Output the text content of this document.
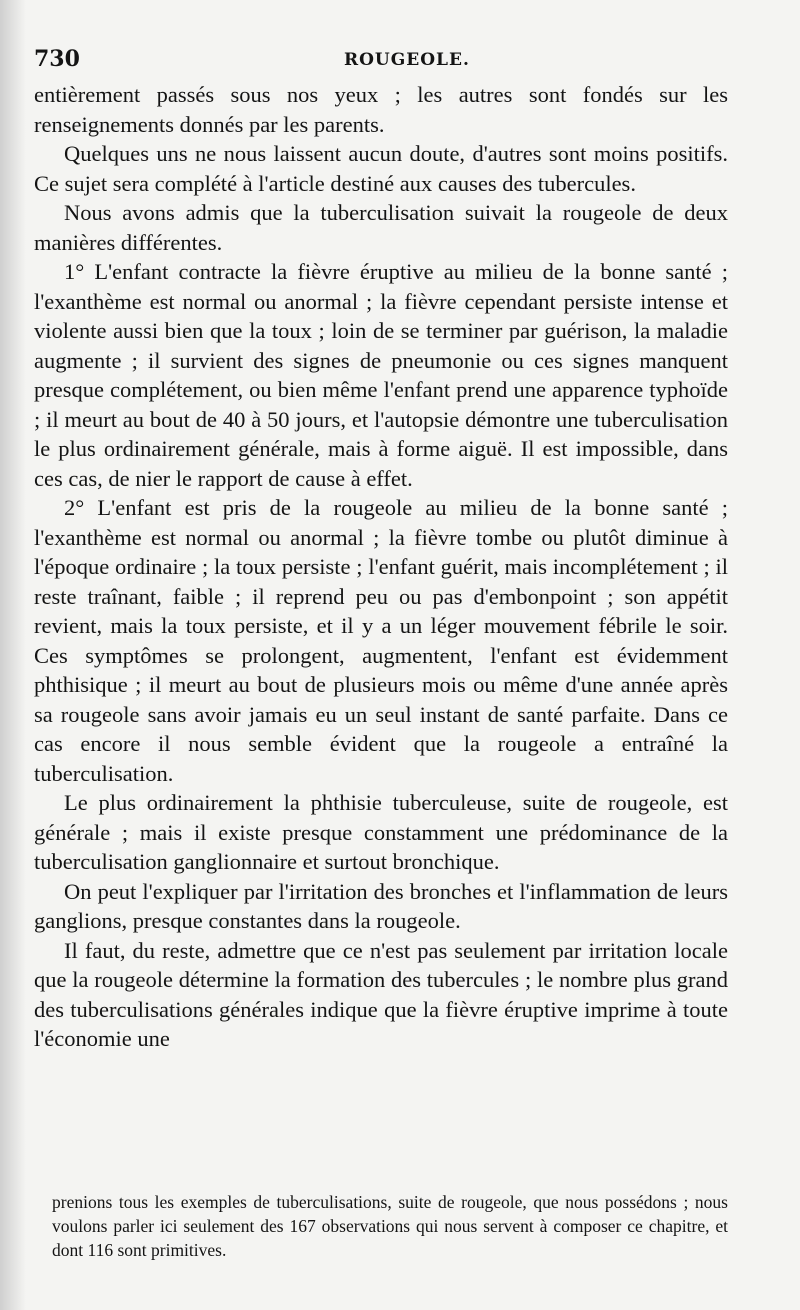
730	ROUGEOLE.

entièrement passés sous nos yeux ; les autres sont fondés sur les renseignements donnés par les parents.

Quelques uns ne nous laissent aucun doute, d'autres sont moins positifs. Ce sujet sera complété à l'article destiné aux causes des tubercules.

Nous avons admis que la tuberculisation suivait la rougeole de deux manières différentes.

1° L'enfant contracte la fièvre éruptive au milieu de la bonne santé ; l'exanthème est normal ou anormal ; la fièvre cependant persiste intense et violente aussi bien que la toux ; loin de se terminer par guérison, la maladie augmente ; il survient des signes de pneumonie ou ces signes manquent presque complétement, ou bien même l'enfant prend une apparence typhoïde ; il meurt au bout de 40 à 50 jours, et l'autopsie démontre une tuberculisation le plus ordinairement générale, mais à forme aiguë. Il est impossible, dans ces cas, de nier le rapport de cause à effet.

2° L'enfant est pris de la rougeole au milieu de la bonne santé ; l'exanthème est normal ou anormal ; la fièvre tombe ou plutôt diminue à l'époque ordinaire ; la toux persiste ; l'enfant guérit, mais incomplétement ; il reste traînant, faible ; il reprend peu ou pas d'embonpoint ; son appétit revient, mais la toux persiste, et il y a un léger mouvement fébrile le soir. Ces symptômes se prolongent, augmentent, l'enfant est évidemment phthisique ; il meurt au bout de plusieurs mois ou même d'une année après sa rougeole sans avoir jamais eu un seul instant de santé parfaite. Dans ce cas encore il nous semble évident que la rougeole a entraîné la tuberculisation.

Le plus ordinairement la phthisie tuberculeuse, suite de rougeole, est générale ; mais il existe presque constamment une prédominance de la tuberculisation ganglionnaire et surtout bronchique.

On peut l'expliquer par l'irritation des bronches et l'inflammation de leurs ganglions, presque constantes dans la rougeole.

Il faut, du reste, admettre que ce n'est pas seulement par irritation locale que la rougeole détermine la formation des tubercules ; le nombre plus grand des tuberculisations générales indique que la fièvre éruptive imprime à toute l'économie une

prenions tous les exemples de tuberculisations, suite de rougeole, que nous possédons ; nous voulons parler ici seulement des 167 observations qui nous servent à composer ce chapitre, et dont 116 sont primitives.
